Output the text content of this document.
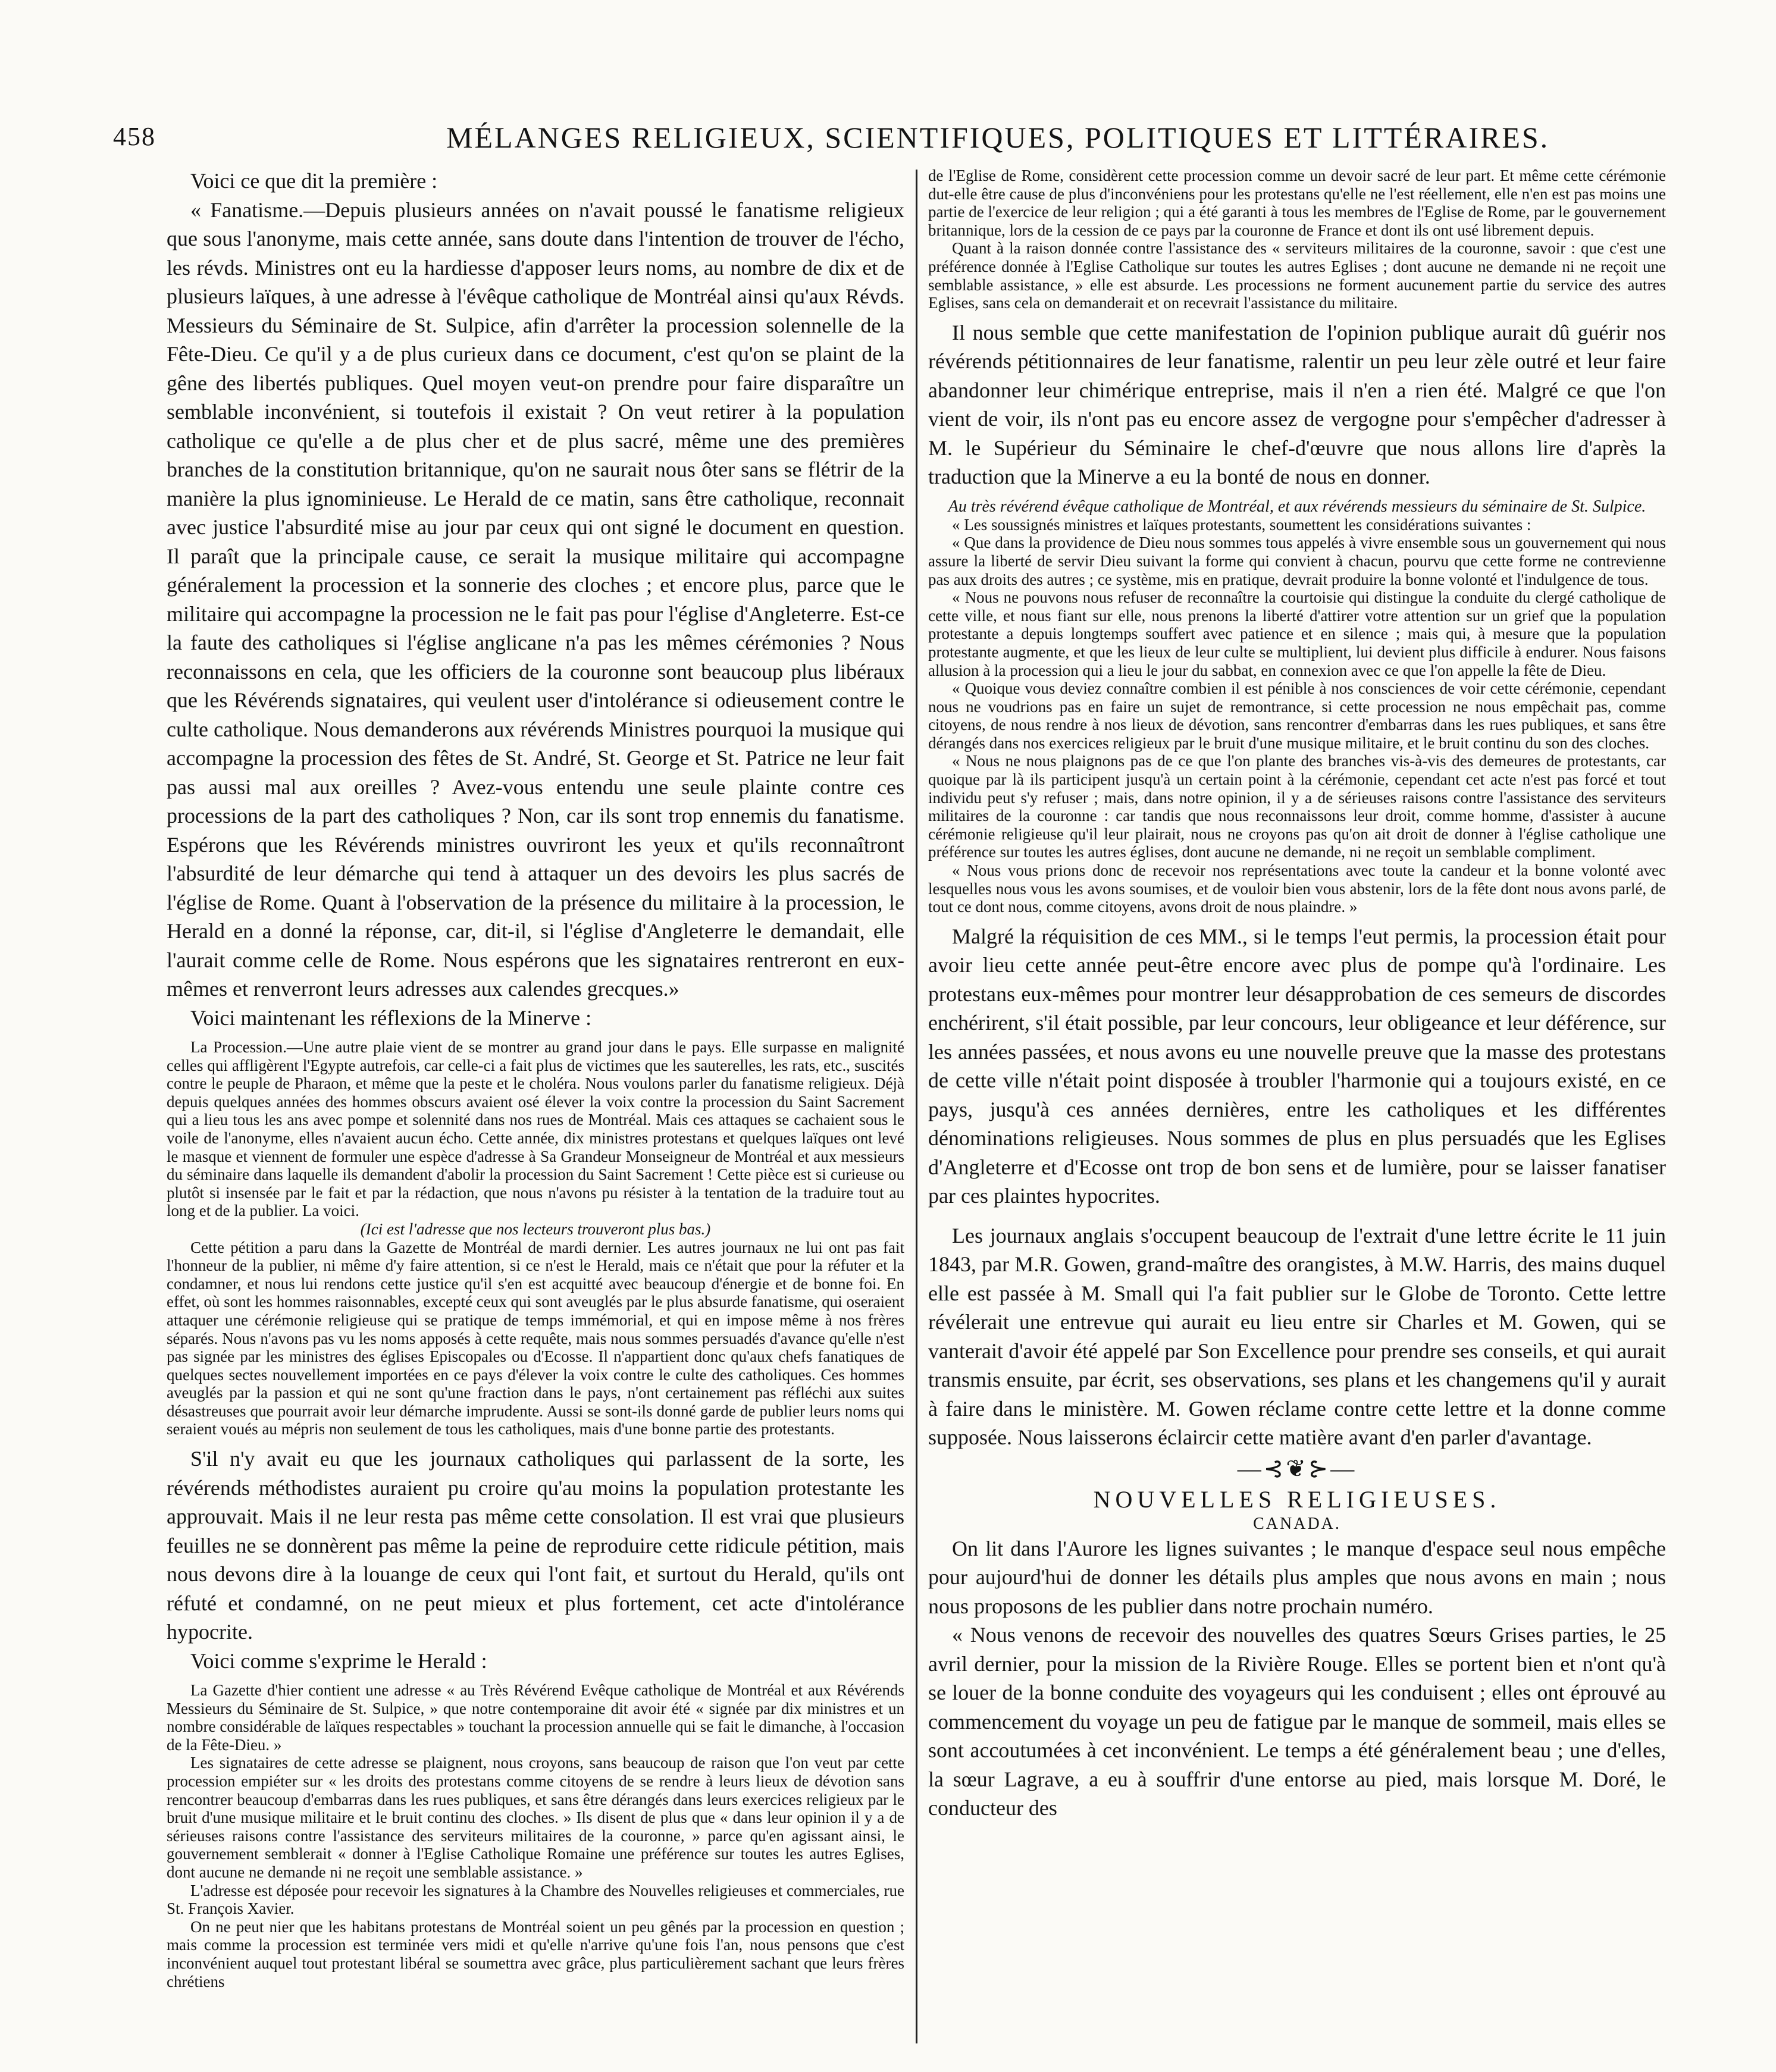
458	MÉLANGES RELIGIEUX, SCIENTIFIQUES, POLITIQUES ET LITTÉRAIRES.

Voici ce que dit la première :

« Fanatisme.—Depuis plusieurs années on n'avait poussé le fanatisme religieux que sous l'anonyme, mais cette année, sans doute dans l'intention de trouver de l'écho, les révds. Ministres ont eu la hardiesse d'apposer leurs noms, au nombre de dix et de plusieurs laïques, à une adresse à l'évêque catholique de Montréal ainsi qu'aux Révds. Messieurs du Séminaire de St. Sulpice, afin d'arrêter la procession solennelle de la Fête-Dieu. Ce qu'il y a de plus curieux dans ce document, c'est qu'on se plaint de la gêne des libertés publiques. Quel moyen veut-on prendre pour faire disparaître un semblable inconvénient, si toutefois il existait ? On veut retirer à la population catholique ce qu'elle a de plus cher et de plus sacré, même une des premières branches de la constitution britannique, qu'on ne saurait nous ôter sans se flétrir de la manière la plus ignominieuse. Le Herald de ce matin, sans être catholique, reconnait avec justice l'absurdité mise au jour par ceux qui ont signé le document en question. Il paraît que la principale cause, ce serait la musique militaire qui accompagne généralement la procession et la sonnerie des cloches ; et encore plus, parce que le militaire qui accompagne la procession ne le fait pas pour l'église d'Angleterre. Est-ce la faute des catholiques si l'église anglicane n'a pas les mêmes cérémonies ? Nous reconnaissons en cela, que les officiers de la couronne sont beaucoup plus libéraux que les Révérends signataires, qui veulent user d'intolérance si odieusement contre le culte catholique. Nous demanderons aux révérends Ministres pourquoi la musique qui accompagne la procession des fêtes de St. André, St. George et St. Patrice ne leur fait pas aussi mal aux oreilles ? Avez-vous entendu une seule plainte contre ces processions de la part des catholiques ? Non, car ils sont trop ennemis du fanatisme. Espérons que les Révérends ministres ouvriront les yeux et qu'ils reconnaîtront l'absurdité de leur démarche qui tend à attaquer un des devoirs les plus sacrés de l'église de Rome. Quant à l'observation de la présence du militaire à la procession, le Herald en a donné la réponse, car, dit-il, si l'église d'Angleterre le demandait, elle l'aurait comme celle de Rome. Nous espérons que les signataires rentreront en eux-mêmes et renverront leurs adresses aux calendes grecques.»

Voici maintenant les réflexions de la Minerve :

La Procession.—Une autre plaie vient de se montrer au grand jour dans le pays. Elle surpasse en malignité celles qui affligèrent l'Egypte autrefois, car celle-ci a fait plus de victimes que les sauterelles, les rats, etc., suscités contre le peuple de Pharaon, et même que la peste et le choléra. Nous voulons parler du fanatisme religieux. Déjà depuis quelques années des hommes obscurs avaient osé élever la voix contre la procession du Saint Sacrement qui a lieu tous les ans avec pompe et solennité dans nos rues de Montréal. Mais ces attaques se cachaient sous le voile de l'anonyme, elles n'avaient aucun écho. Cette année, dix ministres protestans et quelques laïques ont levé le masque et viennent de formuler une espèce d'adresse à Sa Grandeur Monseigneur de Montréal et aux messieurs du séminaire dans laquelle ils demandent d'abolir la procession du Saint Sacrement ! Cette pièce est si curieuse ou plutôt si insensée par le fait et par la rédaction, que nous n'avons pu résister à la tentation de la traduire tout au long et de la publier. La voici.

(Ici est l'adresse que nos lecteurs trouveront plus bas.)

Cette pétition a paru dans la Gazette de Montréal de mardi dernier. Les autres journaux ne lui ont pas fait l'honneur de la publier, ni même d'y faire attention, si ce n'est le Herald, mais ce n'était que pour la réfuter et la condamner, et nous lui rendons cette justice qu'il s'en est acquitté avec beaucoup d'énergie et de bonne foi. En effet, où sont les hommes raisonnables, excepté ceux qui sont aveuglés par le plus absurde fanatisme, qui oseraient attaquer une cérémonie religieuse qui se pratique de temps immémorial, et qui en impose même à nos frères séparés. Nous n'avons pas vu les noms apposés à cette requête, mais nous sommes persuadés d'avance qu'elle n'est pas signée par les ministres des églises Episcopales ou d'Ecosse. Il n'appartient donc qu'aux chefs fanatiques de quelques sectes nouvellement importées en ce pays d'élever la voix contre le culte des catholiques. Ces hommes aveuglés par la passion et qui ne sont qu'une fraction dans le pays, n'ont certainement pas réfléchi aux suites désastreuses que pourrait avoir leur démarche imprudente. Aussi se sont-ils donné garde de publier leurs noms qui seraient voués au mépris non seulement de tous les catholiques, mais d'une bonne partie des protestants.

S'il n'y avait eu que les journaux catholiques qui parlassent de la sorte, les révérends méthodistes auraient pu croire qu'au moins la population protestante les approuvait. Mais il ne leur resta pas même cette consolation. Il est vrai que plusieurs feuilles ne se donnèrent pas même la peine de reproduire cette ridicule pétition, mais nous devons dire à la louange de ceux qui l'ont fait, et surtout du Herald, qu'ils ont réfuté et condamné, on ne peut mieux et plus fortement, cet acte d'intolérance hypocrite.

Voici comme s'exprime le Herald :

La Gazette d'hier contient une adresse « au Très Révérend Evêque catholique de Montréal et aux Révérends Messieurs du Séminaire de St. Sulpice, » que notre contemporaine dit avoir été « signée par dix ministres et un nombre considérable de laïques respectables » touchant la procession annuelle qui se fait le dimanche, à l'occasion de la Fête-Dieu. »

Les signataires de cette adresse se plaignent, nous croyons, sans beaucoup de raison que l'on veut par cette procession empiéter sur « les droits des protestans comme citoyens de se rendre à leurs lieux de dévotion sans rencontrer beaucoup d'embarras dans les rues publiques, et sans être dérangés dans leurs exercices religieux par le bruit d'une musique militaire et le bruit continu des cloches. » Ils disent de plus que « dans leur opinion il y a de sérieuses raisons contre l'assistance des serviteurs militaires de la couronne, » parce qu'en agissant ainsi, le gouvernement semblerait « donner à l'Eglise Catholique Romaine une préférence sur toutes les autres Eglises, dont aucune ne demande ni ne reçoit une semblable assistance. »

L'adresse est déposée pour recevoir les signatures à la Chambre des Nouvelles religieuses et commerciales, rue St. François Xavier.

On ne peut nier que les habitans protestans de Montréal soient un peu gênés par la procession en question ; mais comme la procession est terminée vers midi et qu'elle n'arrive qu'une fois l'an, nous pensons que c'est inconvénient auquel tout protestant libéral se soumettra avec grâce, plus particulièrement sachant que leurs frères chrétiens

de l'Eglise de Rome, considèrent cette procession comme un devoir sacré de leur part. Et même cette cérémonie dut-elle être cause de plus d'inconvéniens pour les protestans qu'elle ne l'est réellement, elle n'en est pas moins une partie de l'exercice de leur religion ; qui a été garanti à tous les membres de l'Eglise de Rome, par le gouvernement britannique, lors de la cession de ce pays par la couronne de France et dont ils ont usé librement depuis.

Quant à la raison donnée contre l'assistance des « serviteurs militaires de la couronne, savoir : que c'est une préférence donnée à l'Eglise Catholique sur toutes les autres Eglises ; dont aucune ne demande ni ne reçoit une semblable assistance, » elle est absurde. Les processions ne forment aucunement partie du service des autres Eglises, sans cela on demanderait et on recevrait l'assistance du militaire.

Il nous semble que cette manifestation de l'opinion publique aurait dû guérir nos révérends pétitionnaires de leur fanatisme, ralentir un peu leur zèle outré et leur faire abandonner leur chimérique entreprise, mais il n'en a rien été. Malgré ce que l'on vient de voir, ils n'ont pas eu encore assez de vergogne pour s'empêcher d'adresser à M. le Supérieur du Séminaire le chef-d'œuvre que nous allons lire d'après la traduction que la Minerve a eu la bonté de nous en donner.

Au très révérend évêque catholique de Montréal, et aux révérends messieurs du séminaire de St. Sulpice.

« Les soussignés ministres et laïques protestants, soumettent les considérations suivantes :

« Que dans la providence de Dieu nous sommes tous appelés à vivre ensemble sous un gouvernement qui nous assure la liberté de servir Dieu suivant la forme qui convient à chacun, pourvu que cette forme ne contrevienne pas aux droits des autres ; ce système, mis en pratique, devrait produire la bonne volonté et l'indulgence de tous.

« Nous ne pouvons nous refuser de reconnaître la courtoisie qui distingue la conduite du clergé catholique de cette ville, et nous fiant sur elle, nous prenons la liberté d'attirer votre attention sur un grief que la population protestante a depuis longtemps souffert avec patience et en silence ; mais qui, à mesure que la population protestante augmente, et que les lieux de leur culte se multiplient, lui devient plus difficile à endurer. Nous faisons allusion à la procession qui a lieu le jour du sabbat, en connexion avec ce que l'on appelle la fête de Dieu.

« Quoique vous deviez connaître combien il est pénible à nos consciences de voir cette cérémonie, cependant nous ne voudrions pas en faire un sujet de remontrance, si cette procession ne nous empêchait pas, comme citoyens, de nous rendre à nos lieux de dévotion, sans rencontrer d'embarras dans les rues publiques, et sans être dérangés dans nos exercices religieux par le bruit d'une musique militaire, et le bruit continu du son des cloches.

« Nous ne nous plaignons pas de ce que l'on plante des branches vis-à-vis des demeures de protestants, car quoique par là ils participent jusqu'à un certain point à la cérémonie, cependant cet acte n'est pas forcé et tout individu peut s'y refuser ; mais, dans notre opinion, il y a de sérieuses raisons contre l'assistance des serviteurs militaires de la couronne : car tandis que nous reconnaissons leur droit, comme homme, d'assister à aucune cérémonie religieuse qu'il leur plairait, nous ne croyons pas qu'on ait droit de donner à l'église catholique une préférence sur toutes les autres églises, dont aucune ne demande, ni ne reçoit un semblable compliment.

« Nous vous prions donc de recevoir nos représentations avec toute la candeur et la bonne volonté avec lesquelles nous vous les avons soumises, et de vouloir bien vous abstenir, lors de la fête dont nous avons parlé, de tout ce dont nous, comme citoyens, avons droit de nous plaindre. »

Malgré la réquisition de ces MM., si le temps l'eut permis, la procession était pour avoir lieu cette année peut-être encore avec plus de pompe qu'à l'ordinaire. Les protestans eux-mêmes pour montrer leur désapprobation de ces semeurs de discordes enchérirent, s'il était possible, par leur concours, leur obligeance et leur déférence, sur les années passées, et nous avons eu une nouvelle preuve que la masse des protestans de cette ville n'était point disposée à troubler l'harmonie qui a toujours existé, en ce pays, jusqu'à ces années dernières, entre les catholiques et les différentes dénominations religieuses. Nous sommes de plus en plus persuadés que les Eglises d'Angleterre et d'Ecosse ont trop de bon sens et de lumière, pour se laisser fanatiser par ces plaintes hypocrites.

Les journaux anglais s'occupent beaucoup de l'extrait d'une lettre écrite le 11 juin 1843, par M.R. Gowen, grand-maître des orangistes, à M.W. Harris, des mains duquel elle est passée à M. Small qui l'a fait publier sur le Globe de Toronto. Cette lettre révélerait une entrevue qui aurait eu lieu entre sir Charles et M. Gowen, qui se vanterait d'avoir été appelé par Son Excellence pour prendre ses conseils, et qui aurait transmis ensuite, par écrit, ses observations, ses plans et les changemens qu'il y aurait à faire dans le ministère. M. Gowen réclame contre cette lettre et la donne comme supposée. Nous laisserons éclaircir cette matière avant d'en parler d'avantage.

—⊰❦⊱—
NOUVELLES RELIGIEUSES.
CANADA.

On lit dans l'Aurore les lignes suivantes ; le manque d'espace seul nous empêche pour aujourd'hui de donner les détails plus amples que nous avons en main ; nous nous proposons de les publier dans notre prochain numéro.

« Nous venons de recevoir des nouvelles des quatres Sœurs Grises parties, le 25 avril dernier, pour la mission de la Rivière Rouge. Elles se portent bien et n'ont qu'à se louer de la bonne conduite des voyageurs qui les conduisent ; elles ont éprouvé au commencement du voyage un peu de fatigue par le manque de sommeil, mais elles se sont accoutumées à cet inconvénient. Le temps a été généralement beau ; une d'elles, la sœur Lagrave, a eu à souffrir d'une entorse au pied, mais lorsque M. Doré, le conducteur des
